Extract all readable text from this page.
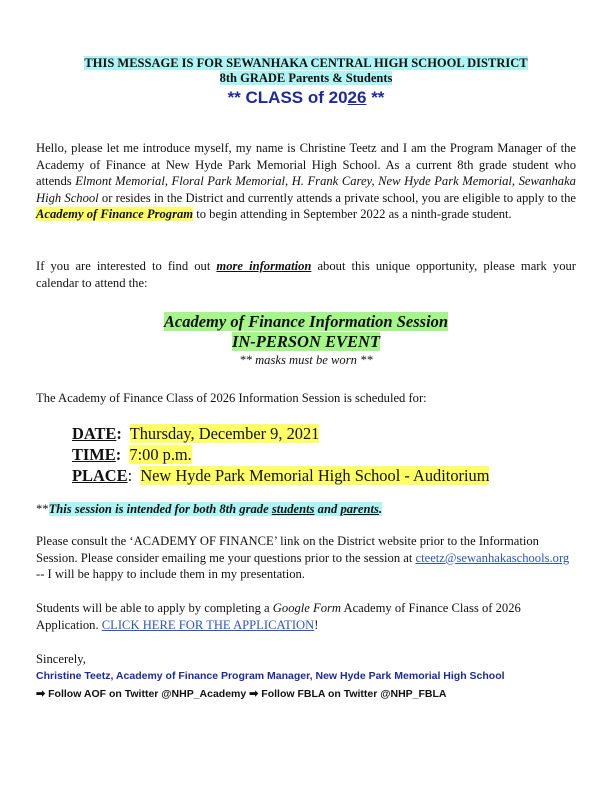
THIS MESSAGE IS FOR SEWANHAKA CENTRAL HIGH SCHOOL DISTRICT
8th GRADE Parents & Students
** CLASS of 2026 **
Hello, please let me introduce myself, my name is Christine Teetz and I am the Program Manager of the Academy of Finance at New Hyde Park Memorial High School. As a current 8th grade student who attends Elmont Memorial, Floral Park Memorial, H. Frank Carey, New Hyde Park Memorial, Sewanhaka High School or resides in the District and currently attends a private school, you are eligible to apply to the Academy of Finance Program to begin attending in September 2022 as a ninth-grade student.
If you are interested to find out more information about this unique opportunity, please mark your calendar to attend the:
Academy of Finance Information Session
IN-PERSON EVENT
** masks must be worn **
The Academy of Finance Class of 2026 Information Session is scheduled for:
DATE: Thursday, December 9, 2021
TIME: 7:00 p.m.
PLACE:  New Hyde Park Memorial High School - Auditorium
**This session is intended for both 8th grade students and parents.
Please consult the ‘ACADEMY OF FINANCE’ link on the District website prior to the Information Session. Please consider emailing me your questions prior to the session at cteetz@sewanhakaschools.org -- I will be happy to include them in my presentation.
Students will be able to apply by completing a Google Form Academy of Finance Class of 2026 Application. CLICK HERE FOR THE APPLICATION!
Sincerely,
Christine Teetz, Academy of Finance Program Manager, New Hyde Park Memorial High School
➡ Follow AOF on Twitter @NHP_Academy ➡ Follow FBLA on Twitter @NHP_FBLA
